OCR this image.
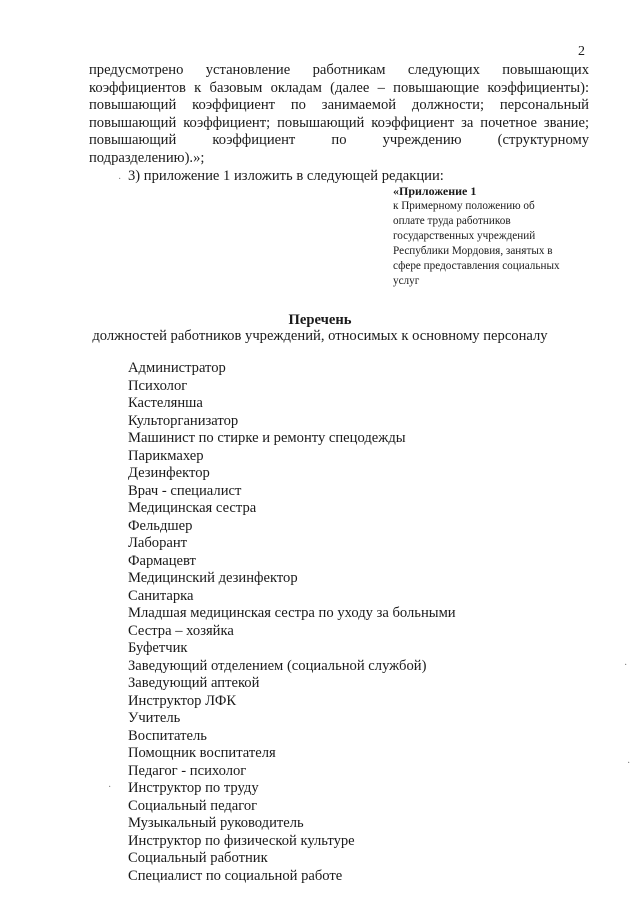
2
предусмотрено установление работникам следующих повышающих
коэффициентов к базовым окладам (далее – повышающие коэффициенты):
повышающий коэффициент по занимаемой должности; персональный
повышающий коэффициент; повышающий коэффициент за почетное звание;
повышающий коэффициент по учреждению (структурному
подразделению).»;
3) приложение 1 изложить в следующей редакции:
«Приложение 1
к Примерному положению об
оплате труда работников
государственных учреждений
Республики Мордовия, занятых в
сфере предоставления социальных
услуг
Перечень
должностей работников учреждений, относимых к основному персоналу
Администратор
Психолог
Кастелянша
Культорганизатор
Машинист по стирке и ремонту спецодежды
Парикмахер
Дезинфектор
Врач - специалист
Медицинская сестра
Фельдшер
Лаборант
Фармацевт
Медицинский дезинфектор
Санитарка
Младшая медицинская сестра по уходу за больными
Сестра – хозяйка
Буфетчик
Заведующий отделением (социальной службой)
Заведующий аптекой
Инструктор ЛФК
Учитель
Воспитатель
Помощник воспитателя
Педагог - психолог
Инструктор по труду
Социальный педагог
Музыкальный руководитель
Инструктор по физической культуре
Социальный работник
Специалист по социальной работе
·
·
·
·
